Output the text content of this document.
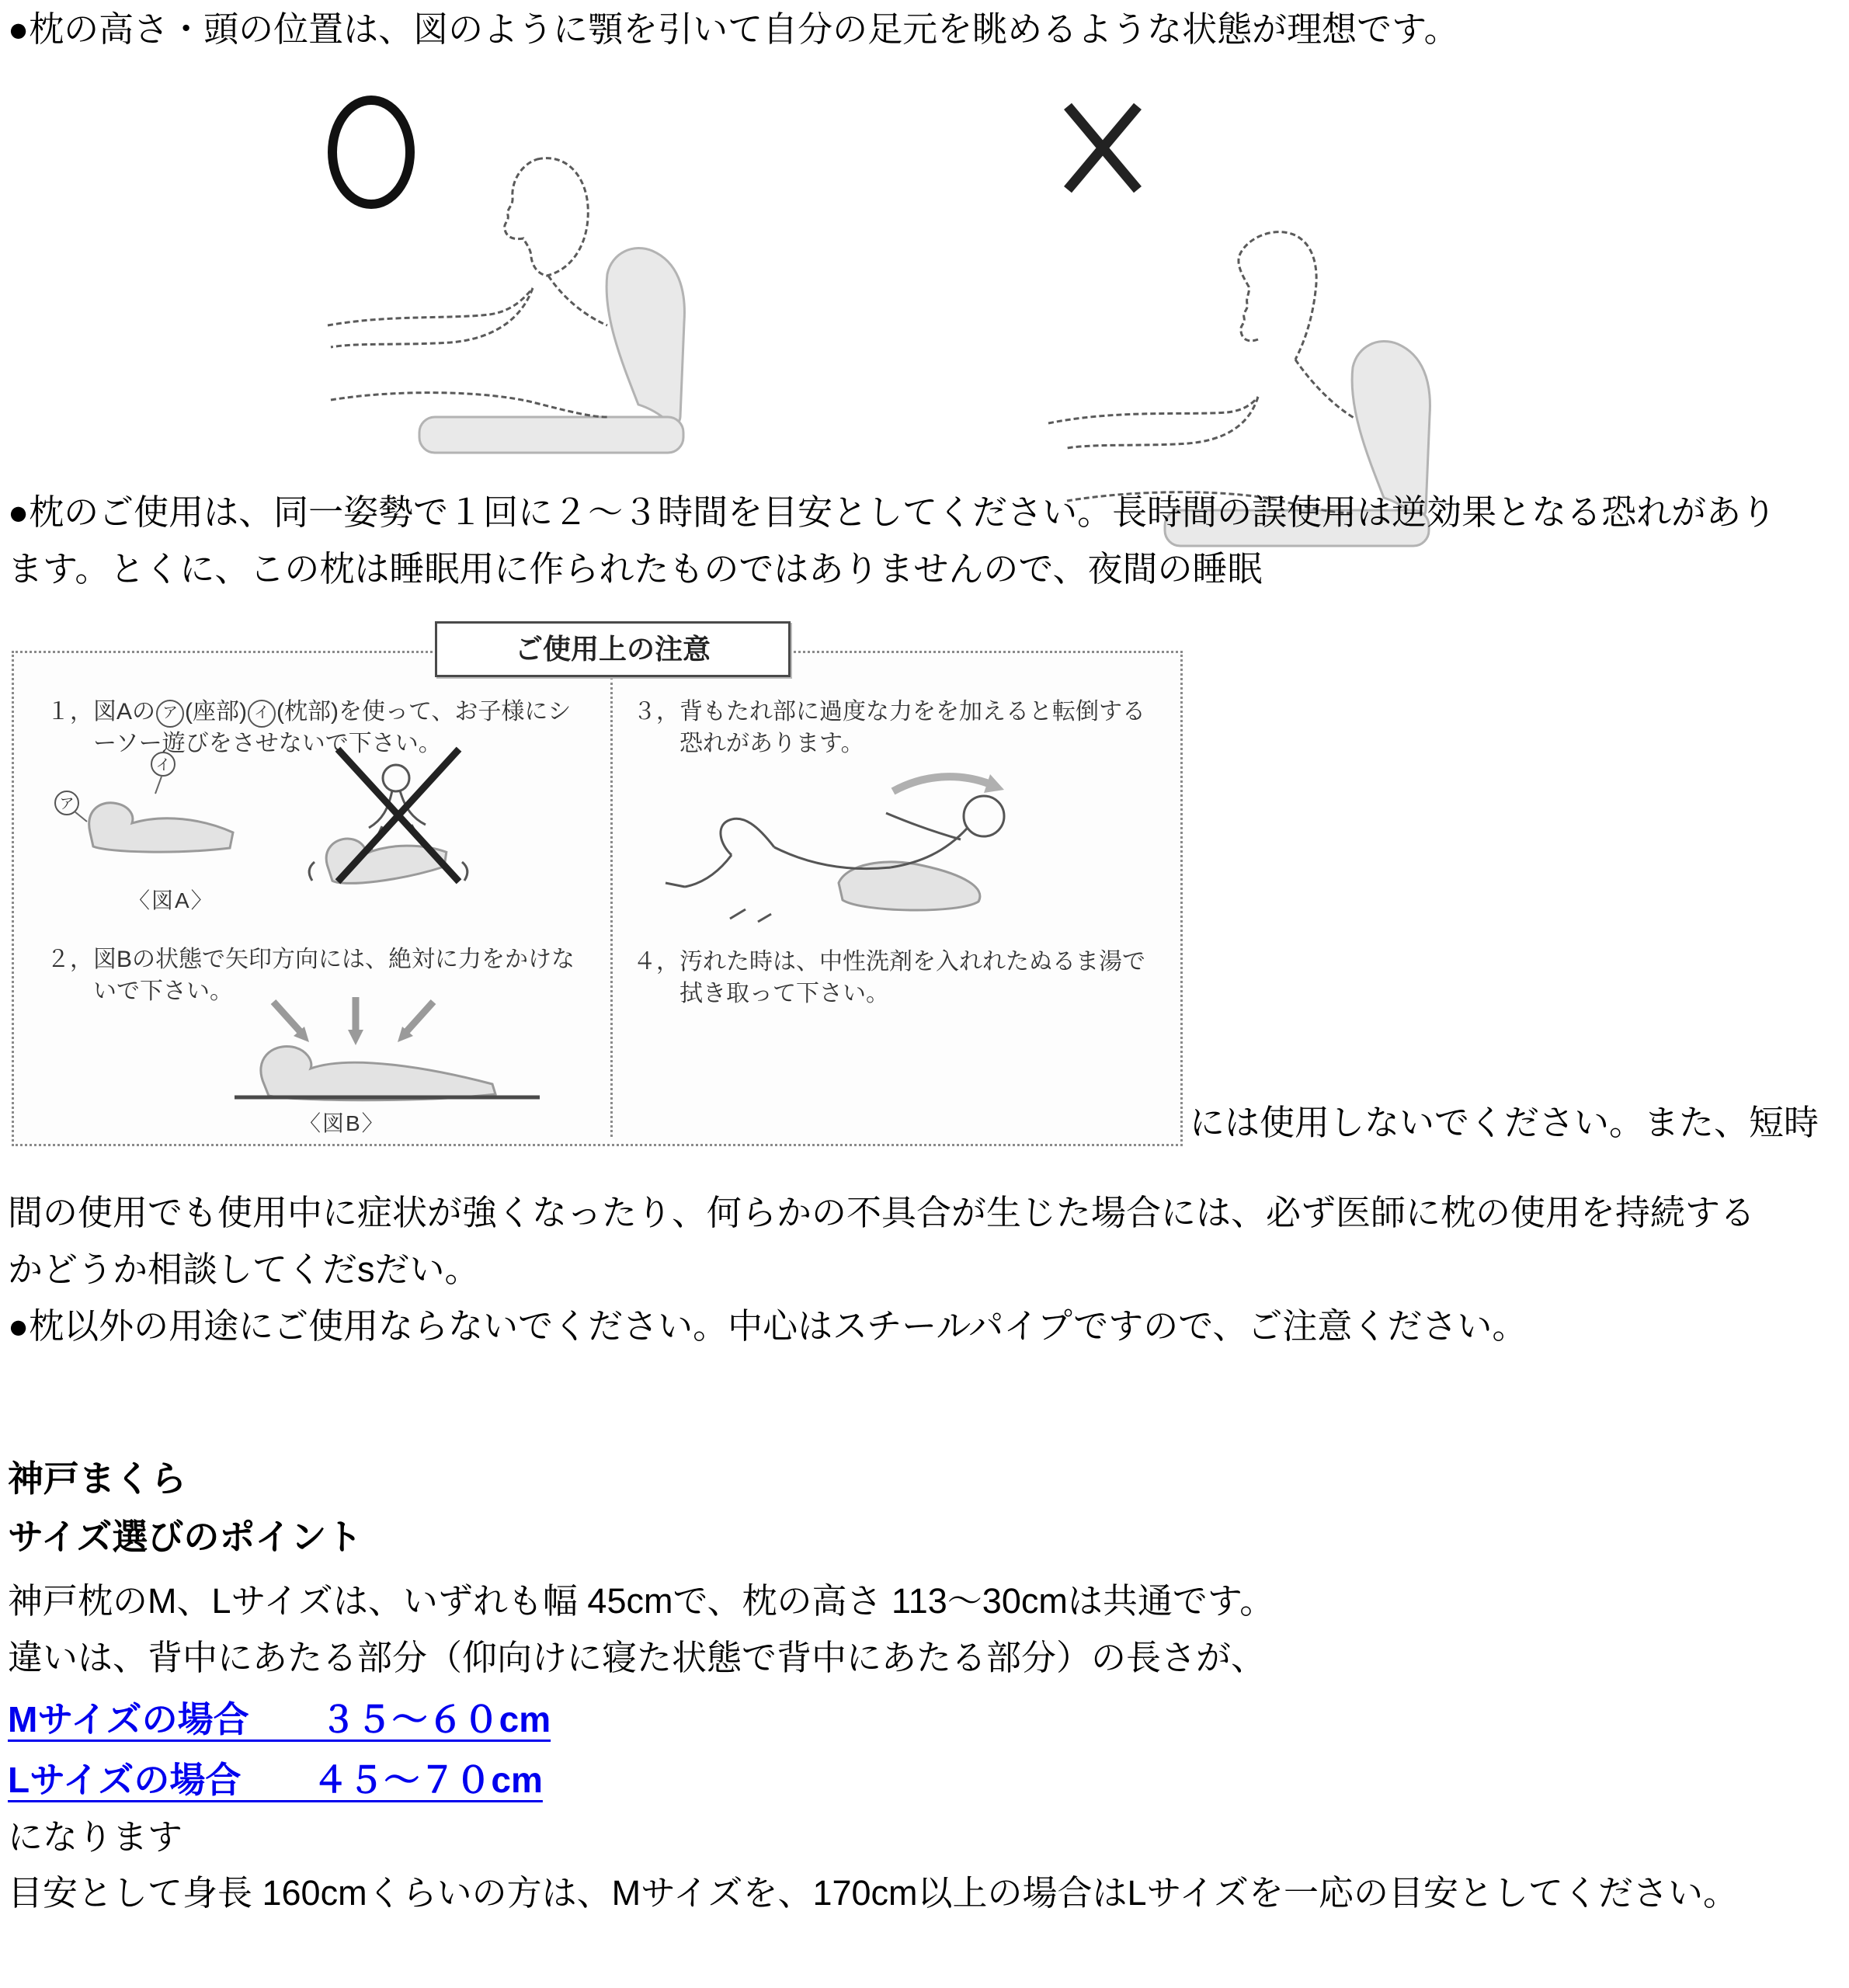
●枕の高さ・頭の位置は、図のように顎を引いて自分の足元を眺めるような状態が理想です。
●枕のご使用は、同一姿勢で１回に２～３時間を目安としてください。長時間の誤使用は逆効果となる恐れがあり
ます。とくに、この枕は睡眠用に作られたものではありませんので、夜間の睡眠
ご使用上の注意
１， 図Aの ア (座部) イ (枕部)を使って、お子様にシーソー遊びをさせないで下さい。
イ
ア
〈図A〉
２， 図Bの状態で矢印方向には、絶対に力をかけないで下さい。
〈図B〉
３， 背もたれ部に過度な力をを加えると転倒する恐れがあります。
４， 汚れた時は、中性洗剤を入れれたぬるま湯で拭き取って下さい。
には使用しないでください。また、短時
間の使用でも使用中に症状が強くなったり、何らかの不具合が生じた場合には、必ず医師に枕の使用を持続する
かどうか相談してくだsだい。
●枕以外の用途にご使用ならないでください。中心はスチールパイプですので、ご注意ください。
神戸まくら
サイズ選びのポイント
神戸枕のM、Lサイズは、いずれも幅 45cmで、枕の高さ 113～30cmは共通です。
違いは、背中にあたる部分（仰向けに寝た状態で背中にあたる部分）の長さが、
Mサイズの場合　　３５～６０cm
Lサイズの場合　　４５～７０cm
になります
目安として身長 160cmくらいの方は、Mサイズを、170cm以上の場合はLサイズを一応の目安としてください。
